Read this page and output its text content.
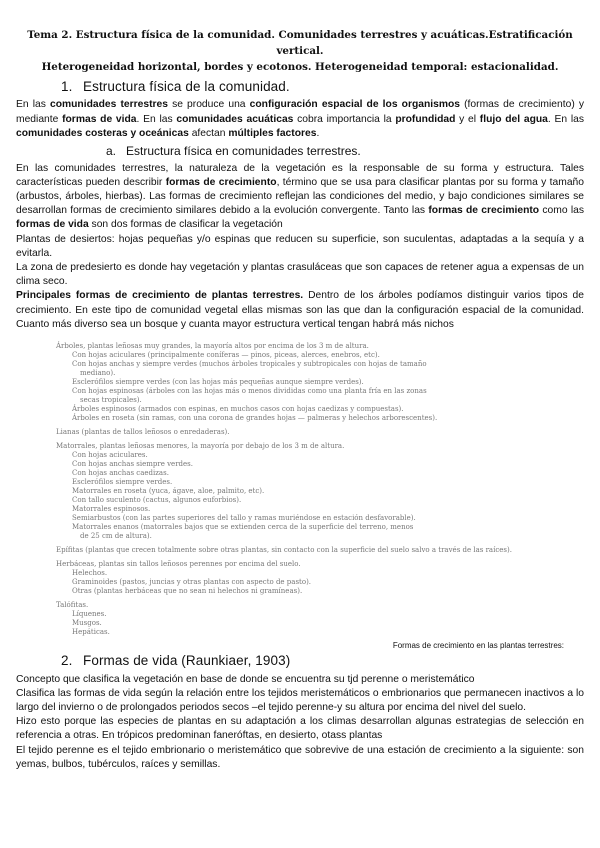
Tema 2. Estructura física de la comunidad. Comunidades terrestres y acuáticas.Estratificación vertical.
Heterogeneidad horizontal, bordes y ecotonos. Heterogeneidad temporal: estacionalidad.
1. Estructura física de la comunidad.

En las comunidades terrestres se produce una configuración espacial de los organismos (formas de crecimiento) y mediante formas de vida. En las comunidades acuáticas cobra importancia la profundidad y el flujo del agua. En las comunidades costeras y oceánicas afectan múltiples factores.

a. Estructura física en comunidades terrestres.

En las comunidades terrestres, la naturaleza de la vegetación es la responsable de su forma y estructura. Tales características pueden describir formas de crecimiento, término que se usa para clasificar plantas por su forma y tamaño (arbustos, árboles, hierbas). Las formas de crecimiento reflejan las condiciones del medio, y bajo condiciones similares se desarrollan formas de crecimiento similares debido a la evolución convergente. Tanto las formas de crecimiento como las formas de vida son dos formas de clasificar la vegetación

Plantas de desiertos: hojas pequeñas y/o espinas que reducen su superficie, son suculentas, adaptadas a la sequía y a evitarla.

La zona de predesierto es donde hay vegetación y plantas crasuláceas que son capaces de retener agua a expensas de un clima seco.

Principales formas de crecimiento de plantas terrestres. Dentro de los árboles podíamos distinguir varios tipos de crecimiento. En este tipo de comunidad vegetal ellas mismas son las que dan la configuración espacial de la comunidad. Cuanto más diverso sea un bosque y cuanta mayor estructura vertical tengan habrá más nichos

Árboles, plantas leñosas muy grandes, la mayoría altos por encima de los 3 m de altura.
Con hojas aciculares (principalmente coníferas — pinos, piceas, alerces, enebros, etc).
Con hojas anchas y siempre verdes (muchos árboles tropicales y subtropicales con hojas de tamaño
mediano).
Esclerófilos siempre verdes (con las hojas más pequeñas aunque siempre verdes).
Con hojas espinosas (árboles con las hojas más o menos divididas como una planta fría en las zonas
secas tropicales).
Árboles espinosos (armados con espinas, en muchos casos con hojas caedizas y compuestas).
Árboles en roseta (sin ramas, con una corona de grandes hojas — palmeras y helechos arborescentes).
Lianas (plantas de tallos leñosos o enredaderas).
Matorrales, plantas leñosas menores, la mayoría por debajo de los 3 m de altura.
Con hojas aciculares.
Con hojas anchas siempre verdes.
Con hojas anchas caedizas.
Esclerófilos siempre verdes.
Matorrales en roseta (yuca, ágave, aloe, palmito, etc).
Con tallo suculento (cactus, algunos euforbios).
Matorrales espinosos.
Semiarbustos (con las partes superiores del tallo y ramas muriéndose en estación desfavorable).
Matorrales enanos (matorrales bajos que se extienden cerca de la superficie del terreno, menos
de 25 cm de altura).
Epífitas (plantas que crecen totalmente sobre otras plantas, sin contacto con la superficie del suelo salvo a través de las raíces).
Herbáceas, plantas sin tallos leñosos perennes por encima del suelo.
Helechos.
Graminoides (pastos, juncias y otras plantas con aspecto de pasto).
Otras (plantas herbáceas que no sean ni helechos ni gramíneas).
Talófitas.
Líquenes.
Musgos.
Hepáticas.
Formas de crecimiento en las plantas terrestres:
2. Formas de vida (Raunkiaer, 1903)

Concepto que clasifica la vegetación en base de donde se encuentra su tjd perenne o meristemático

Clasifica las formas de vida según la relación entre los tejidos meristemáticos o embrionarios que permanecen inactivos a lo largo del invierno o de prolongados periodos secos –el tejido perenne-y su altura por encima del nivel del suelo.

Hizo esto porque las especies de plantas en su adaptación a los climas desarrollan algunas estrategias de selección en referencia a otras. En trópicos predominan faneróftas, en desierto, otass plantas

El tejido perenne es el tejido embrionario o meristemático que sobrevive de una estación de crecimiento a la siguiente: son yemas, bulbos, tubérculos, raíces y semillas.
